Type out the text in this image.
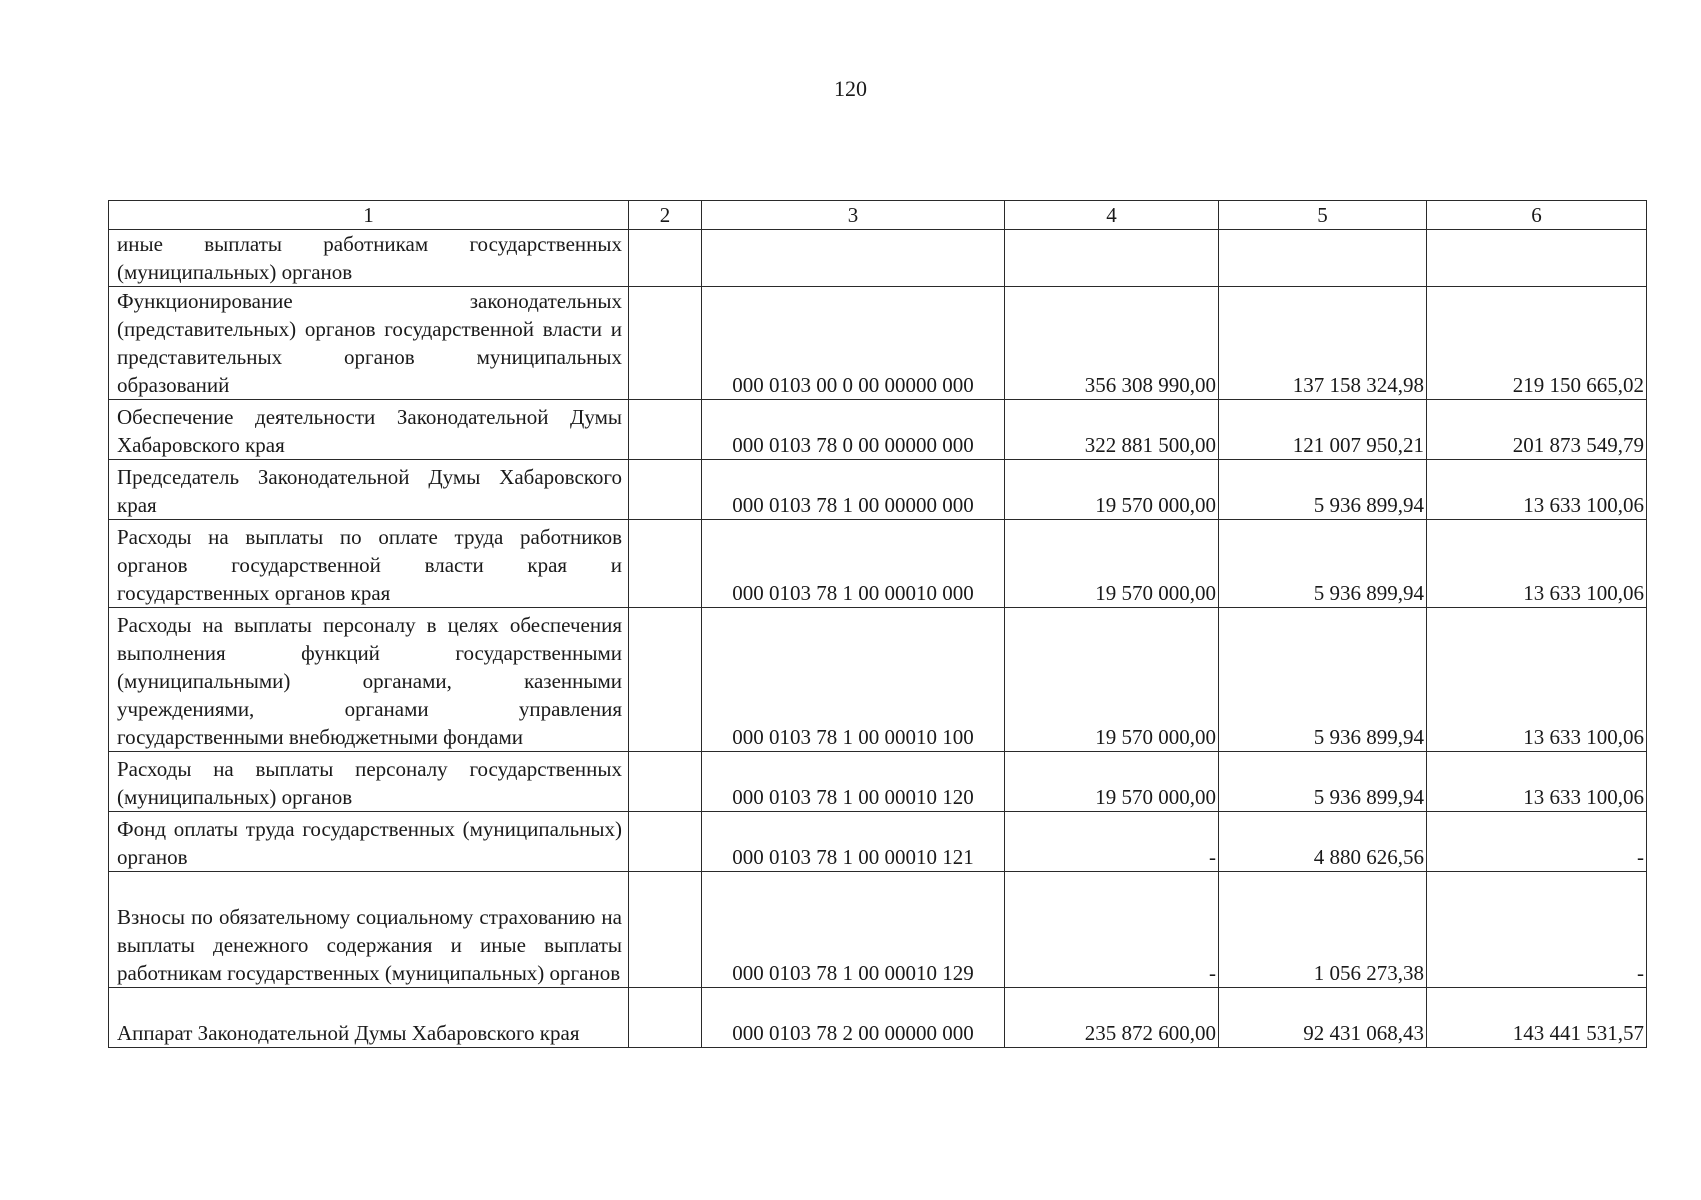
120
1	2	3	4	5	6
иные выплаты работникам государственных (муниципальных) органов					
Функционирование законодательных (представительных) органов государственной власти и представительных органов муниципальных образований		000 0103 00 0 00 00000 000	356 308 990,00	137 158 324,98	219 150 665,02
Обеспечение деятельности Законодательной Думы Хабаровского края		000 0103 78 0 00 00000 000	322 881 500,00	121 007 950,21	201 873 549,79
Председатель Законодательной Думы Хабаровского края		000 0103 78 1 00 00000 000	19 570 000,00	5 936 899,94	13 633 100,06
Расходы на выплаты по оплате труда работников органов государственной власти края и государственных органов края		000 0103 78 1 00 00010 000	19 570 000,00	5 936 899,94	13 633 100,06
Расходы на выплаты персоналу в целях обеспечения выполнения функций государственными (муниципальными) органами, казенными учреждениями, органами управления государственными внебюджетными фондами		000 0103 78 1 00 00010 100	19 570 000,00	5 936 899,94	13 633 100,06
Расходы на выплаты персоналу государственных (муниципальных) органов		000 0103 78 1 00 00010 120	19 570 000,00	5 936 899,94	13 633 100,06
Фонд оплаты труда государственных (муниципальных) органов		000 0103 78 1 00 00010 121	-	4 880 626,56	-
Взносы по обязательному социальному страхованию на выплаты денежного содержания и иные выплаты работникам государственных (муниципальных) органов		000 0103 78 1 00 00010 129	-	1 056 273,38	-
Аппарат Законодательной Думы Хабаровского края		000 0103 78 2 00 00000 000	235 872 600,00	92 431 068,43	143 441 531,57
